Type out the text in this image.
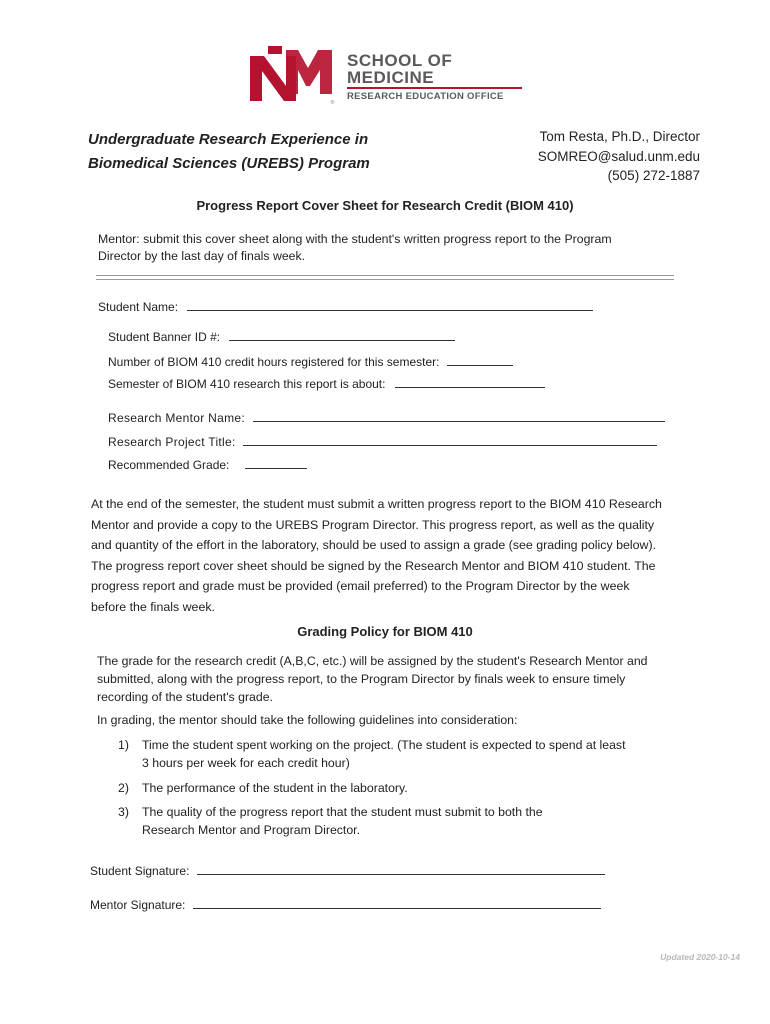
®
SCHOOL OF
MEDICINE
RESEARCH EDUCATION OFFICE
Undergraduate Research Experience in
Biomedical Sciences (UREBS) Program
Tom Resta, Ph.D., Director
SOMREO@salud.unm.edu
(505) 272-1887
Progress Report Cover Sheet for Research Credit (BIOM 410)
Mentor: submit this cover sheet along with the student's written progress report to the Program Director by the last day of finals week.
Student Name:
Student Banner ID #:
Number of BIOM 410 credit hours registered for this semester:
Semester of BIOM 410 research this report is about:
Research Mentor Name:
Research Project Title:
Recommended Grade:
At the end of the semester, the student must submit a written progress report to the BIOM 410 Research Mentor and provide a copy to the UREBS Program Director. This progress report, as well as the quality and quantity of the effort in the laboratory, should be used to assign a grade (see grading policy below). The progress report cover sheet should be signed by the Research Mentor and BIOM 410 student. The progress report and grade must be provided (email preferred) to the Program Director by the week before the finals week.
Grading Policy for BIOM 410
The grade for the research credit (A,B,C, etc.) will be assigned by the student's Research Mentor and submitted, along with the progress report, to the Program Director by finals week to ensure timely recording of the student's grade.
In grading, the mentor should take the following guidelines into consideration:
1) Time the student spent working on the project. (The student is expected to spend at least
3 hours per week for each credit hour)
2) The performance of the student in the laboratory.
3) The quality of the progress report that the student must submit to both the
Research Mentor and Program Director.
Student Signature:
Mentor Signature:
Updated 2020-10-14
